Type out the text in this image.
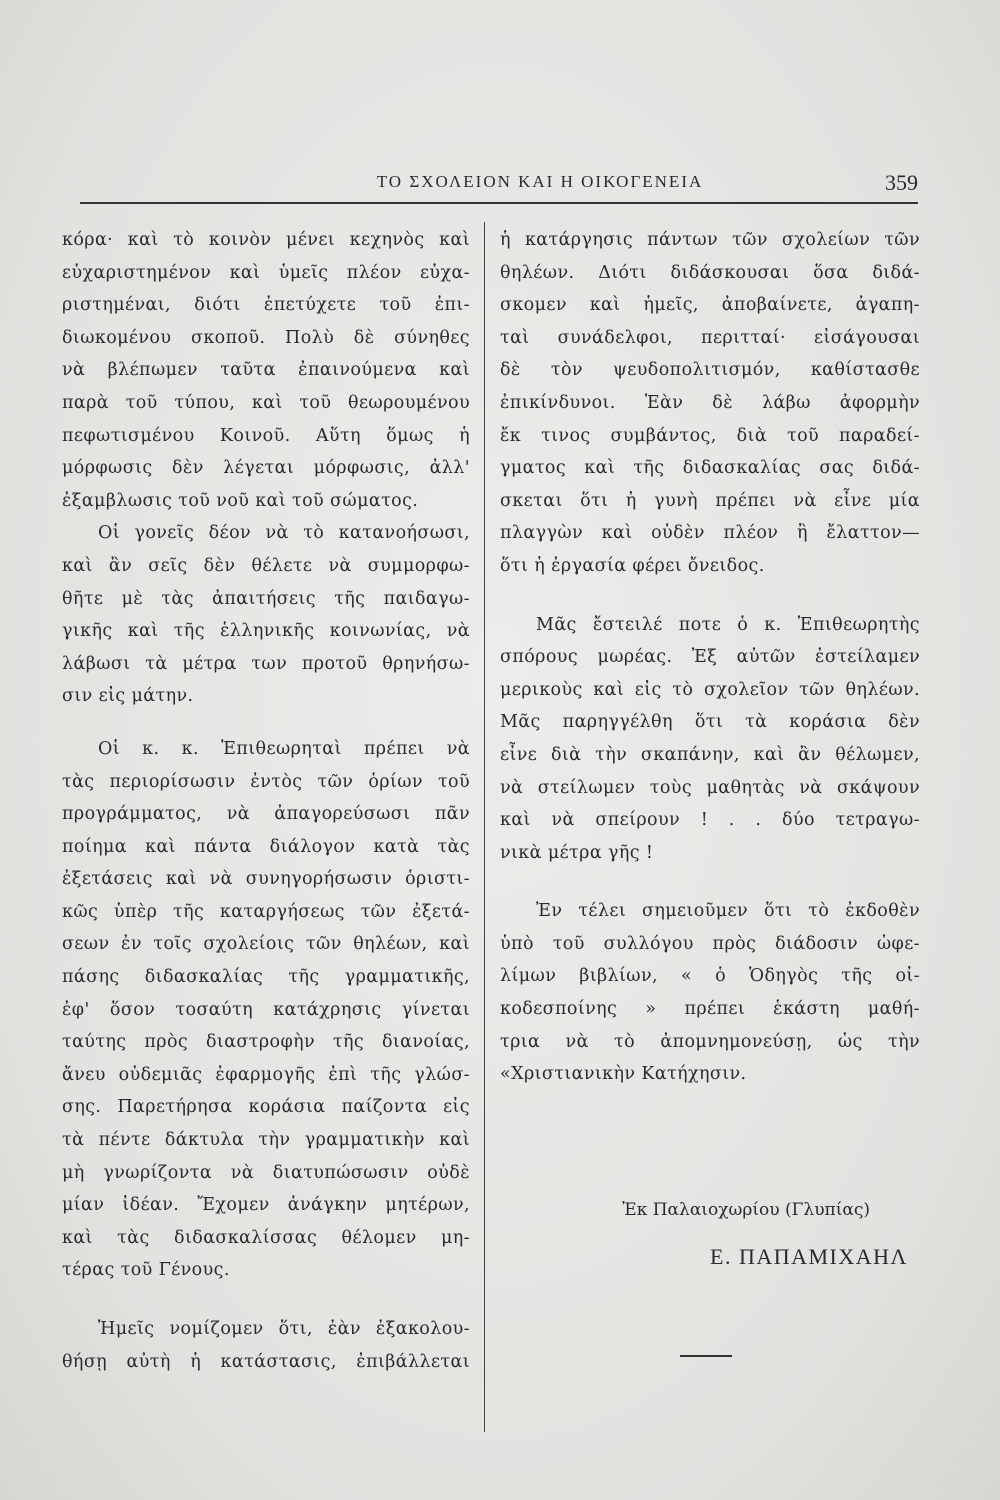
ΤΟ ΣΧΟΛΕΙΟΝ ΚΑΙ Η ΟΙΚΟΓΕΝΕΙΑ	359
κόρα· καὶ τὸ κοινὸν μένει κεχηνὸς καὶ
εὐχαριστημένον καὶ ὑμεῖς πλέον εὐχα-
ριστημέναι, διότι ἐπετύχετε τοῦ ἐπι-
διωκομένου σκοποῦ. Πολὺ δὲ σύνηθες
νὰ βλέπωμεν ταῦτα ἐπαινούμενα καὶ
παρὰ τοῦ τύπου, καὶ τοῦ θεωρουμένου
πεφωτισμένου Κοινοῦ. Αὕτη ὅμως ἡ
μόρφωσις δὲν λέγεται μόρφωσις, ἀλλ'
ἐξαμβλωσις τοῦ νοῦ καὶ τοῦ σώματος.
Οἱ γονεῖς δέον νὰ τὸ κατανοήσωσι,
καὶ ἂν σεῖς δὲν θέλετε νὰ συμμορφω-
θῆτε μὲ τὰς ἀπαιτήσεις τῆς παιδαγω-
γικῆς καὶ τῆς ἑλληνικῆς κοινωνίας, νὰ
λάβωσι τὰ μέτρα των προτοῦ θρηνήσω-
σιν εἰς μάτην.
Οἱ κ. κ. Ἐπιθεωρηταὶ πρέπει νὰ
τὰς περιορίσωσιν ἐντὸς τῶν ὁρίων τοῦ
προγράμματος, νὰ ἀπαγορεύσωσι πᾶν
ποίημα καὶ πάντα διάλογον κατὰ τὰς
ἐξετάσεις καὶ νὰ συνηγορήσωσιν ὁριστι-
κῶς ὑπὲρ τῆς καταργήσεως τῶν ἐξετά-
σεων ἐν τοῖς σχολείοις τῶν θηλέων, καὶ
πάσης διδασκαλίας τῆς γραμματικῆς,
ἐφ' ὅσον τοσαύτη κατάχρησις γίνεται
ταύτης πρὸς διαστροφὴν τῆς διανοίας,
ἄνευ οὐδεμιᾶς ἐφαρμογῆς ἐπὶ τῆς γλώσ-
σης. Παρετήρησα κοράσια παίζοντα εἰς
τὰ πέντε δάκτυλα τὴν γραμματικὴν καὶ
μὴ γνωρίζοντα νὰ διατυπώσωσιν οὐδὲ
μίαν ἰδέαν. Ἔχομεν ἀνάγκην μητέρων,
καὶ τὰς διδασκαλίσσας θέλομεν μη-
τέρας τοῦ Γένους.
Ἡμεῖς νομίζομεν ὅτι, ἐὰν ἐξακολου-
θήσῃ αὐτὴ ἡ κατάστασις, ἐπιβάλλεται
ἡ κατάργησις πάντων τῶν σχολείων τῶν
θηλέων. Διότι διδάσκουσαι ὅσα διδά-
σκομεν καὶ ἡμεῖς, ἀποβαίνετε, ἀγαπη-
ταὶ συνάδελφοι, περιτταί· εἰσάγουσαι
δὲ τὸν ψευδοπολιτισμόν, καθίστασθε
ἐπικίνδυνοι. Ἐὰν δὲ λάβω ἀφορμὴν
ἔκ τινος συμβάντος, διὰ τοῦ παραδεί-
γματος καὶ τῆς διδασκαλίας σας διδά-
σκεται ὅτι ἡ γυνὴ πρέπει νὰ εἶνε μία
πλαγγὼν καὶ οὐδὲν πλέον ἢ ἔλαττον—
ὅτι ἡ ἐργασία φέρει ὄνειδος.
Μᾶς ἔστειλέ ποτε ὁ κ. Ἐπιθεωρητὴς
σπόρους μωρέας. Ἐξ αὐτῶν ἐστείλαμεν
μερικοὺς καὶ εἰς τὸ σχολεῖον τῶν θηλέων.
Μᾶς παρηγγέλθη ὅτι τὰ κοράσια δὲν
εἶνε διὰ τὴν σκαπάνην, καὶ ἂν θέλωμεν,
νὰ στείλωμεν τοὺς μαθητὰς νὰ σκάψουν
καὶ νὰ σπείρουν ! . . δύο τετραγω-
νικὰ μέτρα γῆς !
Ἐν τέλει σημειοῦμεν ὅτι τὸ ἐκδοθὲν
ὑπὸ τοῦ συλλόγου πρὸς διάδοσιν ὠφε-
λίμων βιβλίων, « ὁ Ὁδηγὸς τῆς οἰ-
κοδεσποίνης » πρέπει ἑκάστη μαθή-
τρια νὰ τὸ ἀπομνημονεύσῃ, ὡς τὴν
«Χριστιανικὴν Κατήχησιν.
Ἐκ Παλαιοχωρίου (Γλυπίας)
Ε. ΠΑΠΑΜΙΧΑΗΛ
